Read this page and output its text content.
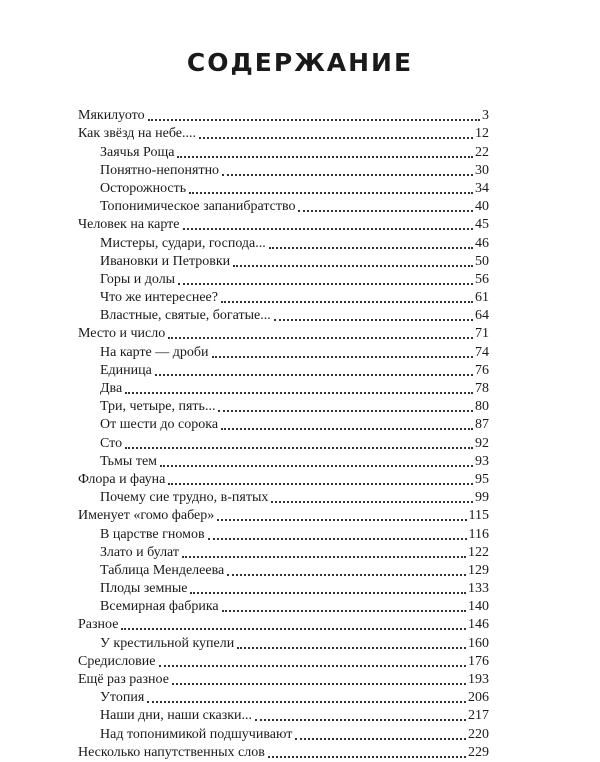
СОДЕРЖАНИЕ
Мякилуото	3
Как звёзд на небе....	12
Заячья Роща	22
Понятно-непонятно	30
Осторожность	34
Топонимическое запанибратство	40
Человек на карте	45
Мистеры, судари, господа...	46
Ивановки и Петровки	50
Горы и долы	56
Что же интереснее?	61
Властные, святые, богатые...	64
Место и число	71
На карте — дроби	74
Единица	76
Два	78
Три, четыре, пять...	80
От шести до сорока	87
Сто	92
Тьмы тем	93
Флора и фауна	95
Почему сие трудно, в-пятых	99
Именует «гомо фабер»	115
В царстве гномов	116
Злато и булат	122
Таблица Менделеева	129
Плоды земные	133
Всемирная фабрика	140
Разное	146
У крестильной купели	160
Средисловие	176
Ещё раз разное	193
Утопия	206
Наши дни, наши сказки...	217
Над топонимикой подшучивают	220
Несколько напутственных слов	229
